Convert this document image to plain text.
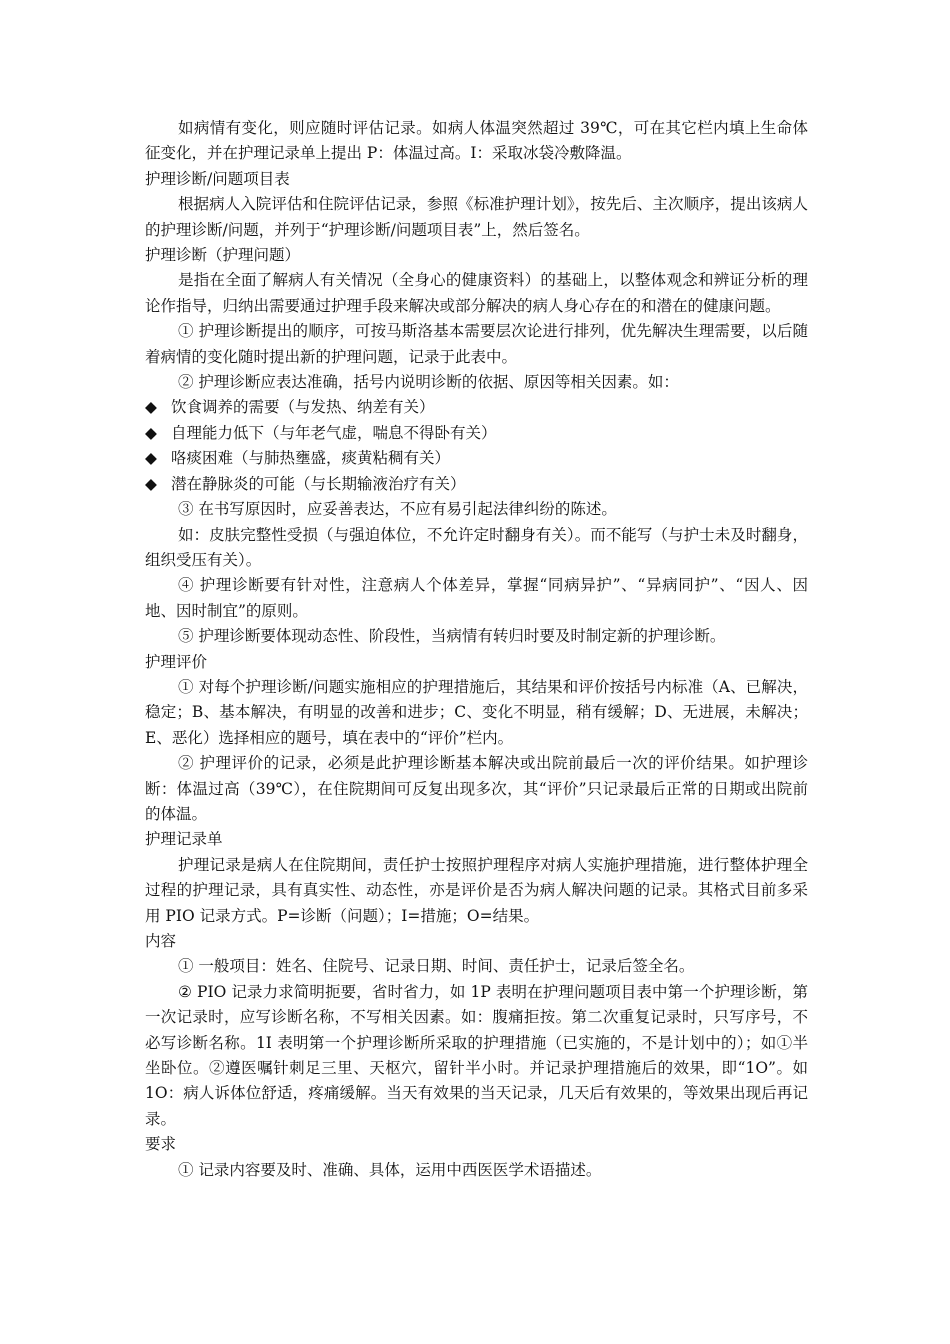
如病情有变化，则应随时评估记录。如病人体温突然超过 39℃，可在其它栏内填上生命体征变化，并在护理记录单上提出 P：体温过高。I：采取冰袋冷敷降温。

护理诊断/问题项目表

根据病人入院评估和住院评估记录，参照《标准护理计划》，按先后、主次顺序，提出该病人的护理诊断/问题，并列于“护理诊断/问题项目表”上，然后签名。

护理诊断（护理问题）

是指在全面了解病人有关情况（全身心的健康资料）的基础上，以整体观念和辨证分析的理论作指导，归纳出需要通过护理手段来解决或部分解决的病人身心存在的和潜在的健康问题。

① 护理诊断提出的顺序，可按马斯洛基本需要层次论进行排列，优先解决生理需要，以后随着病情的变化随时提出新的护理问题，记录于此表中。

② 护理诊断应表达准确，括号内说明诊断的依据、原因等相关因素。如：

◆ 饮食调养的需要（与发热、纳差有关）

◆ 自理能力低下（与年老气虚，喘息不得卧有关）

◆ 咯痰困难（与肺热壅盛，痰黄粘稠有关）

◆ 潜在静脉炎的可能（与长期输液治疗有关）

③ 在书写原因时，应妥善表达，不应有易引起法律纠纷的陈述。

如：皮肤完整性受损（与强迫体位，不允许定时翻身有关）。而不能写（与护士未及时翻身，组织受压有关）。

④ 护理诊断要有针对性，注意病人个体差异，掌握“同病异护”、“异病同护”、“因人、因地、因时制宜”的原则。

⑤ 护理诊断要体现动态性、阶段性，当病情有转归时要及时制定新的护理诊断。

护理评价

① 对每个护理诊断/问题实施相应的护理措施后，其结果和评价按括号内标准（A、已解决，稳定；B、基本解决，有明显的改善和进步；C、变化不明显，稍有缓解；D、无进展，未解决；E、恶化）选择相应的题号，填在表中的“评价”栏内。

② 护理评价的记录，必须是此护理诊断基本解决或出院前最后一次的评价结果。如护理诊断：体温过高（39℃），在住院期间可反复出现多次，其“评价”只记录最后正常的日期或出院前的体温。

护理记录单

护理记录是病人在住院期间，责任护士按照护理程序对病人实施护理措施，进行整体护理全过程的护理记录，具有真实性、动态性，亦是评价是否为病人解决问题的记录。其格式目前多采用 PIO 记录方式。P=诊断（问题）；I=措施；O=结果。

内容

① 一般项目：姓名、住院号、记录日期、时间、责任护士，记录后签全名。

② PIO 记录力求简明扼要，省时省力，如 1P 表明在护理问题项目表中第一个护理诊断，第一次记录时，应写诊断名称，不写相关因素。如：腹痛拒按。第二次重复记录时，只写序号，不必写诊断名称。1I 表明第一个护理诊断所采取的护理措施（已实施的，不是计划中的）；如①半坐卧位。②遵医嘱针刺足三里、天枢穴，留针半小时。并记录护理措施后的效果，即“1O”。如 1O：病人诉体位舒适，疼痛缓解。当天有效果的当天记录，几天后有效果的，等效果出现后再记录。

要求

① 记录内容要及时、准确、具体，运用中西医医学术语描述。
